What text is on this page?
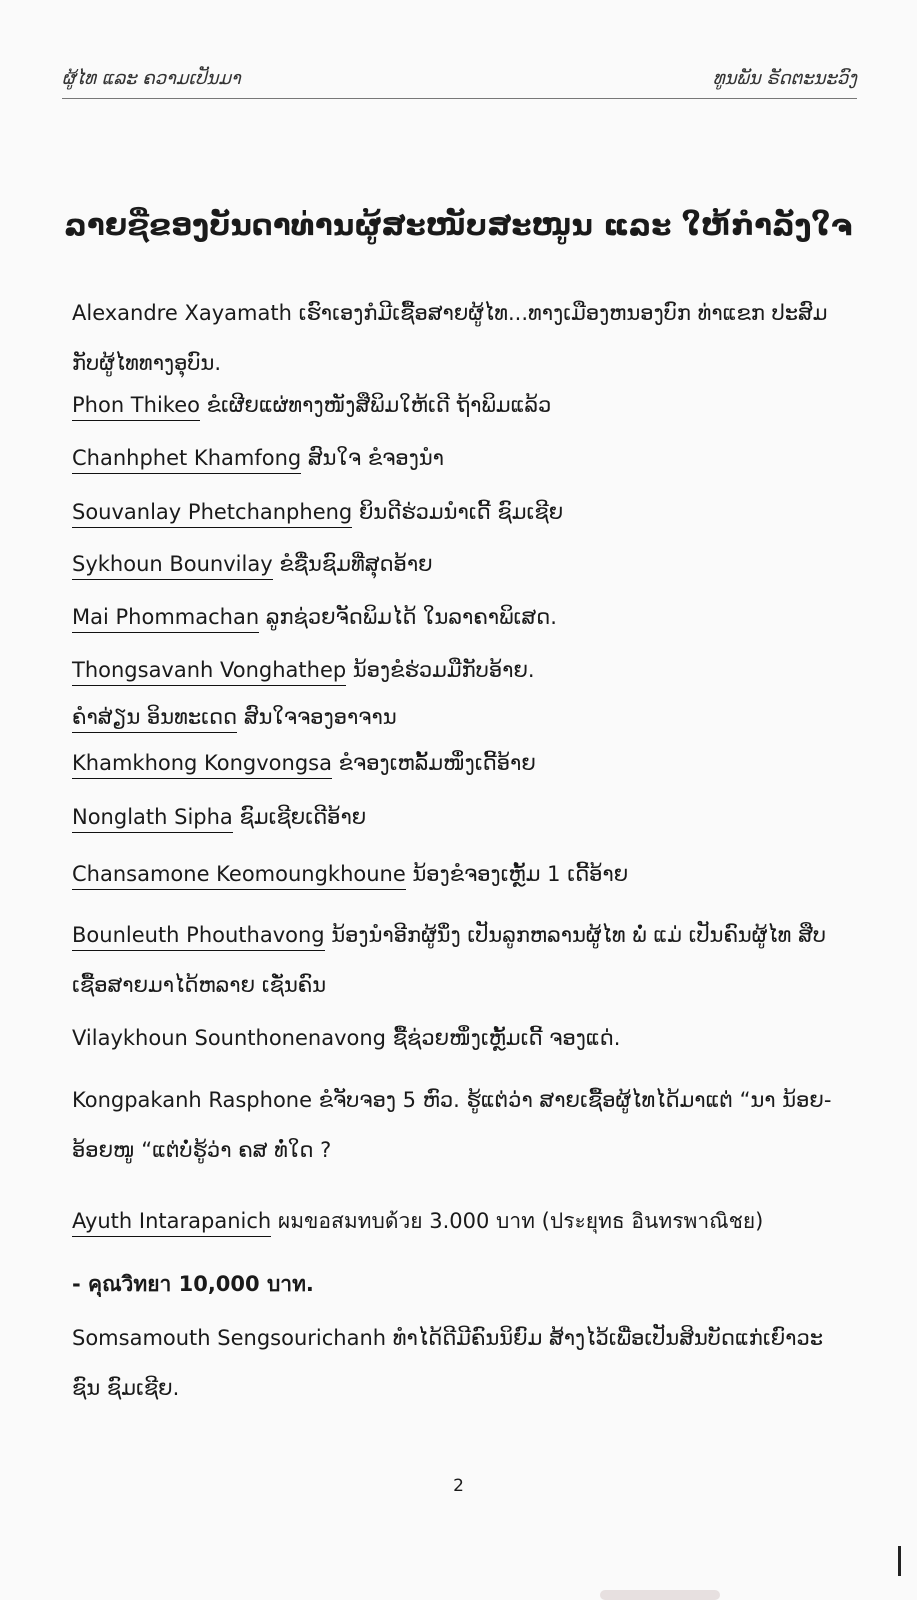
ຜູ້ໄທ ແລະ ຄວາມເປັນມາ	ທູນພັນ ຣັດຕະນະວົງ
ລາຍຊື່ຂອງບັນດາທ່ານຜູ້ສະໜັບສະໜູນ ແລະ ໃຫ້ກຳລັງໃຈ
Alexandre Xayamath ເຮົາເອງກໍມີເຊື້ອສາຍຜູ້ໄທ...ທາງເມືອງຫນອງບົກ ທ່າແຂກ ປະສົມກັບຜູ້ໄທທາງອຸບົນ.
Phon Thikeo ຂໍເຜີຍແຜ່ທາງໜັງສືພິມໃຫ້ເດີ ຖ້າພິມແລ້ວ
Chanhphet Khamfong ສົນໃຈ ຂໍຈອງນຳ
Souvanlay Phetchanpheng ຍິນດີຮ່ວມນຳເດີ້ ຊົມເຊີຍ
Sykhoun Bounvilay ຂໍຊື່ນຊົມທີ່ສຸດອ້າຍ
Mai Phommachan ລູກຊ່ວຍຈັດພິມໄດ້ ໃນລາຄາພິເສດ.
Thongsavanh Vonghathep ນ້ອງຂໍຮ່ວມມືກັບອ້າຍ.
ຄຳສ່ຽນ ອິນທະເດດ ສົນໃຈຈອງອາຈານ
Khamkhong Kongvongsa ຂໍຈອງເຫລັ້ມໜຶ່ງເດີ້ອ້າຍ
Nonglath Sipha ຊົມເຊີຍເດີອ້າຍ
Chansamone Keomoungkhoune ນ້ອງຂໍຈອງເຫຼັ້ມ 1 ເດີ້ອ້າຍ
Bounleuth Phouthavong ນ້ອງນຳອີກຜູ້ນຶ່ງ ເປັນລູກຫລານຜູ້ໄທ ພໍ່ ແມ່ ເປັນຄົນຜູ້ໄທ ສືບເຊື້ອສາຍມາໄດ້ຫລາຍ ເຊັ່ນຄົນ
Vilaykhoun Sounthonenavong ຊື້ຊ່ວຍໜຶ່ງເຫຼັ້ມເດີ້ ຈອງແດ່.
Kongpakanh Rasphone ຂໍຈັບຈອງ 5 ຫົວ. ຮູ້ແຕ່ວ່າ ສາຍເຊື້ອຜູ້ໄທໄດ້ມາແຕ່ “ນາ ນ້ອຍ-ອ້ອຍໜູ “ແຕ່ບໍ່ຮູ້ວ່າ ຄສ ທໍ່ໃດ ?
Ayuth Intarapanich ผมขอสมทบด้วย 3.000 บาท (ประยุทธ อินทรพาณิชย)
- คุณวิทยา 10,000 บาท.
Somsamouth Sengsourichanh ທຳໄດ້ດີມີຄົນນິຍົມ ສ້າງໄວ້ເພື່ອເປັນສິນບັດແກ່ເຍົາວະ ຊົນ ຊົມເຊີຍ.
2
